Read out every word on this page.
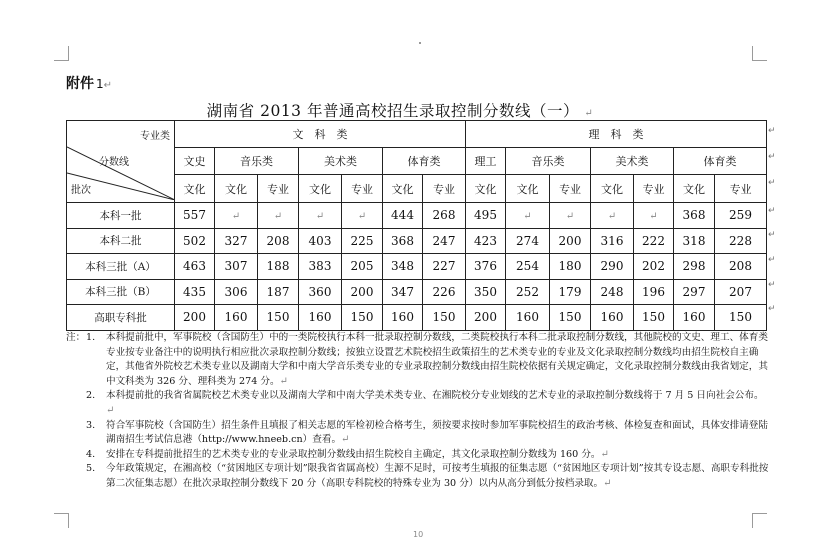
附件 1↵
湖南省 2013 年普通高校招生录取控制分数线（一） ↵
专业类
分数线
批次	文　科　类							理　科　类						
	文史	音乐类		美术类		体育类		理工	音乐类		美术类		体育类	
	文化	文化	专业	文化	专业	文化	专业	文化	文化	专业	文化	专业	文化	专业
本科一批	557	↵	↵	↵	↵	444	268	495	↵	↵	↵	↵	368	259
本科二批	502	327	208	403	225	368	247	423	274	200	316	222	318	228
本科三批（A）	463	307	188	383	205	348	227	376	254	180	290	202	298	208
本科三批（B）	435	306	187	360	200	347	226	350	252	179	248	196	297	207
高职专科批	200	160	150	160	150	160	150	200	160	150	160	150	160	150
↵
↵
↵
↵
↵
↵
↵
↵
注： 1. 本科提前批中，军事院校（含国防生）中的一类院校执行本科一批录取控制分数线，二类院校执行本科二批录取控制分数线，其他院校的文史、理工、体育类专业按专业备注中的说明执行相应批次录取控制分数线；按独立设置艺术院校招生政策招生的艺术类专业的专业及文化录取控制分数线均由招生院校自主确定，其他省外院校艺术类专业以及湖南大学和中南大学音乐类专业的专业录取控制分数线由招生院校依据有关规定确定，文化录取控制分数线由我省划定，其中文科类为 326 分、理科类为 274 分。↵
2. 本科提前批的我省省属院校艺术类专业以及湖南大学和中南大学美术类专业、在湘院校分专业划线的艺术专业的录取控制分数线将于 7 月 5 日向社会公布。↵
3. 符合军事院校（含国防生）招生条件且填报了相关志愿的军检初检合格考生，须按要求按时参加军事院校招生的政治考核、体检复查和面试，具体安排请登陆湖南招生考试信息港（http://www.hneeb.cn）查看。↵
4. 安排在专科提前批招生的艺术类专业的专业录取控制分数线由招生院校自主确定，其文化录取控制分数线为 160 分。↵
5. 今年政策规定，在湘高校（“贫困地区专项计划”限我省省属高校）生源不足时，可按考生填报的征集志愿（“贫困地区专项计划”按其专设志愿、高职专科批按第二次征集志愿）在批次录取控制分数线下 20 分（高职专科院校的特殊专业为 30 分）以内从高分到低分按档录取。↵
10
